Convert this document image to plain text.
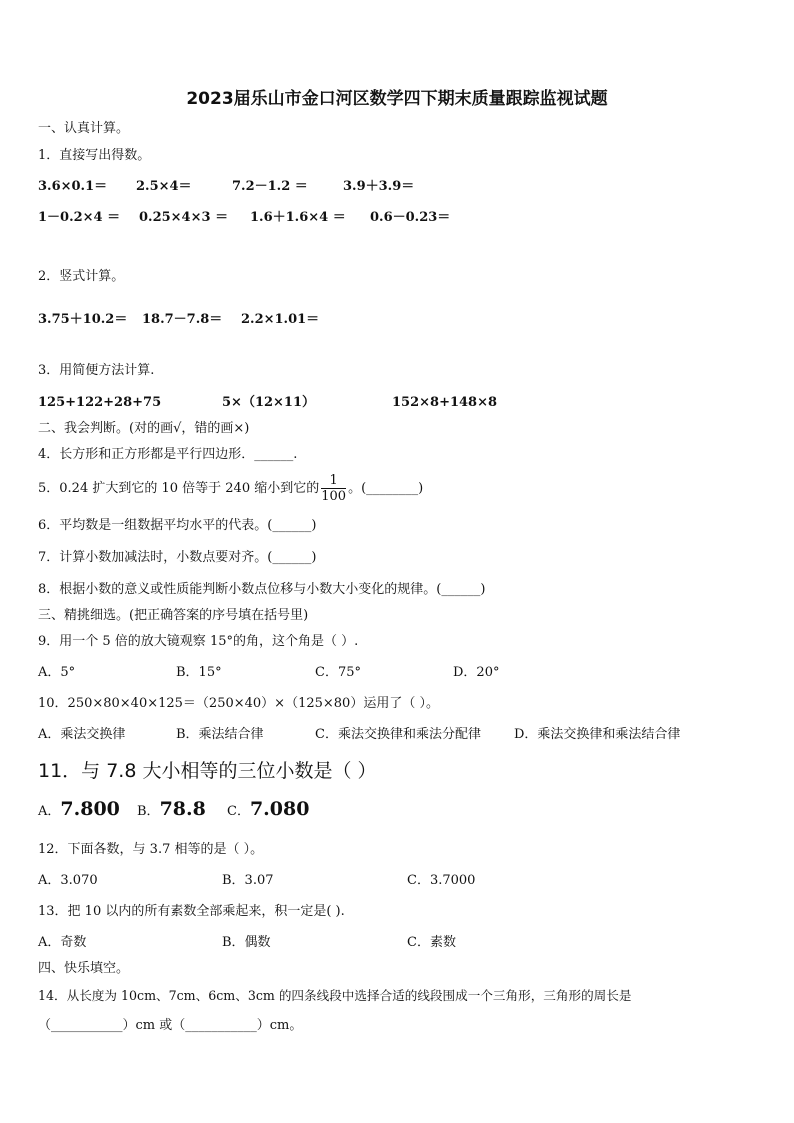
2023届乐山市金口河区数学四下期末质量跟踪监视试题
一、认真计算。
1．直接写出得数。
3.6×0.1＝ 2.5×4＝	7.2－1.2 ＝	3.9＋3.9＝
1－0.2×4 ＝ 0.25×4×3 ＝ 1.6＋1.6×4 ＝ 0.6－0.23＝
2．竖式计算。
3.75＋10.2＝ 18.7－7.8＝ 2.2×1.01＝
3．用简便方法计算.
125+122+28+75	5×（12×11）	152×8+148×8
二、我会判断。(对的画√，错的画×)
4．长方形和正方形都是平行四边形．______.
5．0.24 扩大到它的 10 倍等于 240 缩小到它的 $\frac{1}{100}$ 。(________)
6．平均数是一组数据平均水平的代表。(______)
7．计算小数加减法时，小数点要对齐。(______)
8．根据小数的意义或性质能判断小数点位移与小数大小变化的规律。(______)
三、精挑细选。(把正确答案的序号填在括号里)
9．用一个 5 倍的放大镜观察 15°的角，这个角是（ ）.
A．5°	B．15°	C．75°	D．20°
10．250×80×40×125＝（250×40）×（125×80）运用了（ ）。
A．乘法交换律	B．乘法结合律	C．乘法交换律和乘法分配律	D．乘法交换律和乘法结合律
11．与 7.8 大小相等的三位小数是（ ）
A．7.800 B．78.8 C．7.080
12．下面各数，与 3.7 相等的是（ ）。
A．3.070	B．3.07	C．3.7000
13．把 10 以内的所有素数全部乘起来，积一定是( ).
A．奇数	B．偶数	C．素数
四、快乐填空。
14．从长度为 10cm、7cm、6cm、3cm 的四条线段中选择合适的线段围成一个三角形，三角形的周长是
（___________）cm 或（___________）cm。
